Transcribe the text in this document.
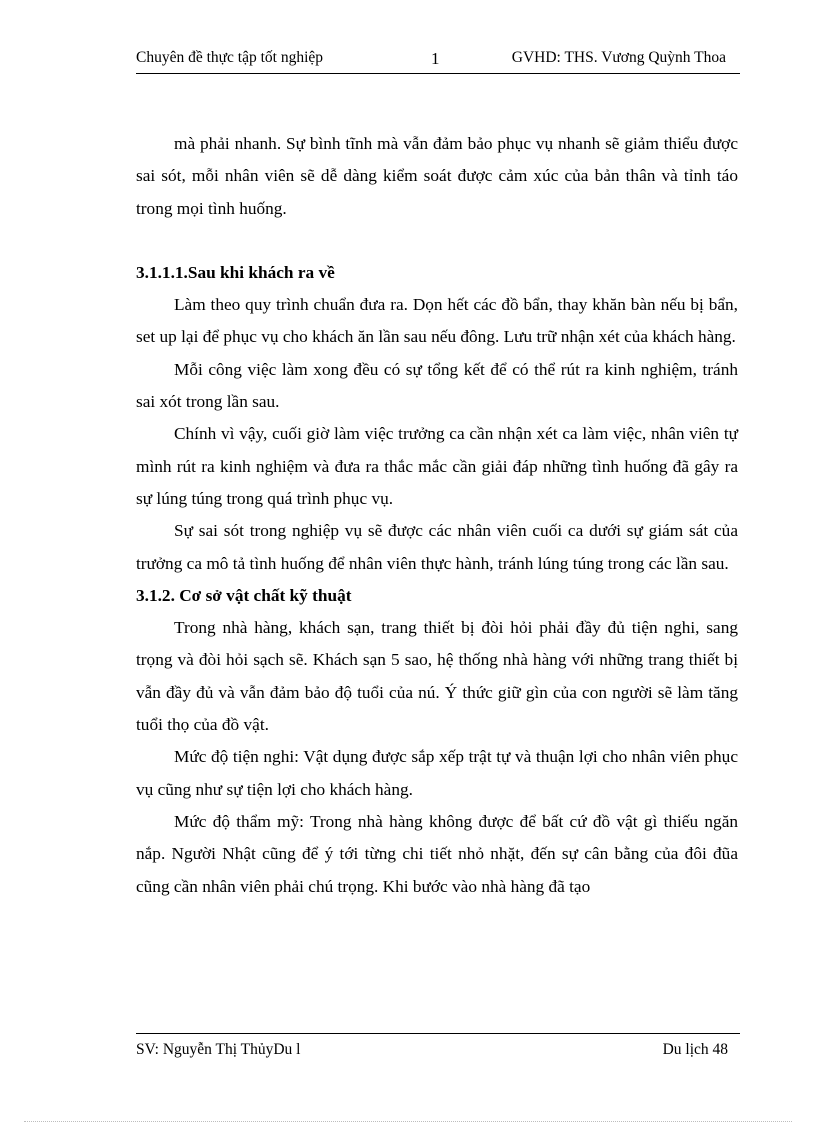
Chuyên đề thực tập tốt nghiệp	1	GVHD: THS. Vương Quỳnh Thoa

mà phải nhanh. Sự bình tĩnh mà vẫn đảm bảo phục vụ nhanh sẽ giảm thiểu được sai sót, mỗi nhân viên sẽ dễ dàng kiểm soát được cảm xúc của bản thân và tỉnh táo trong mọi tình huống.

3.1.1.1.Sau khi khách ra về

Làm theo quy trình chuẩn đưa ra. Dọn hết các đồ bẩn, thay khăn bàn nếu bị bẩn, set up lại để phục vụ cho khách ăn lần sau nếu đông. Lưu trữ nhận xét của khách hàng.

Mỗi công việc làm xong đều có sự tổng kết để có thể rút ra kinh nghiệm, tránh sai xót trong lần sau.

Chính vì vậy, cuối giờ làm việc trưởng ca cần nhận xét ca làm việc, nhân viên tự mình rút ra kinh nghiệm và đưa ra thắc mắc cần giải đáp những tình huống đã gây ra sự lúng túng trong quá trình phục vụ.

Sự sai sót trong nghiệp vụ sẽ được các nhân viên cuối ca dưới sự giám sát của trưởng ca mô tả tình huống để nhân viên thực hành, tránh lúng túng trong các lần sau.

3.1.2. Cơ sở vật chất kỹ thuật

Trong nhà hàng, khách sạn, trang thiết bị đòi hỏi phải đầy đủ tiện nghi, sang trọng và đòi hỏi sạch sẽ. Khách sạn 5 sao, hệ thống nhà hàng với những trang thiết bị vẫn đầy đủ và vẫn đảm bảo độ tuổi của nú. Ý thức giữ gìn của con người sẽ làm tăng tuổi thọ của đồ vật.

Mức độ tiện nghi: Vật dụng được sắp xếp trật tự và thuận lợi cho nhân viên phục vụ cũng như sự tiện lợi cho khách hàng.

Mức độ thẩm mỹ: Trong nhà hàng không được để bất cứ đồ vật gì thiếu ngăn nắp. Người Nhật cũng để ý tới từng chi tiết nhỏ nhặt, đến sự cân bằng của đôi đũa cũng cần nhân viên phải chú trọng. Khi bước vào nhà hàng đã tạo

SV: Nguyễn Thị ThủyDu l	Du lịch 48
